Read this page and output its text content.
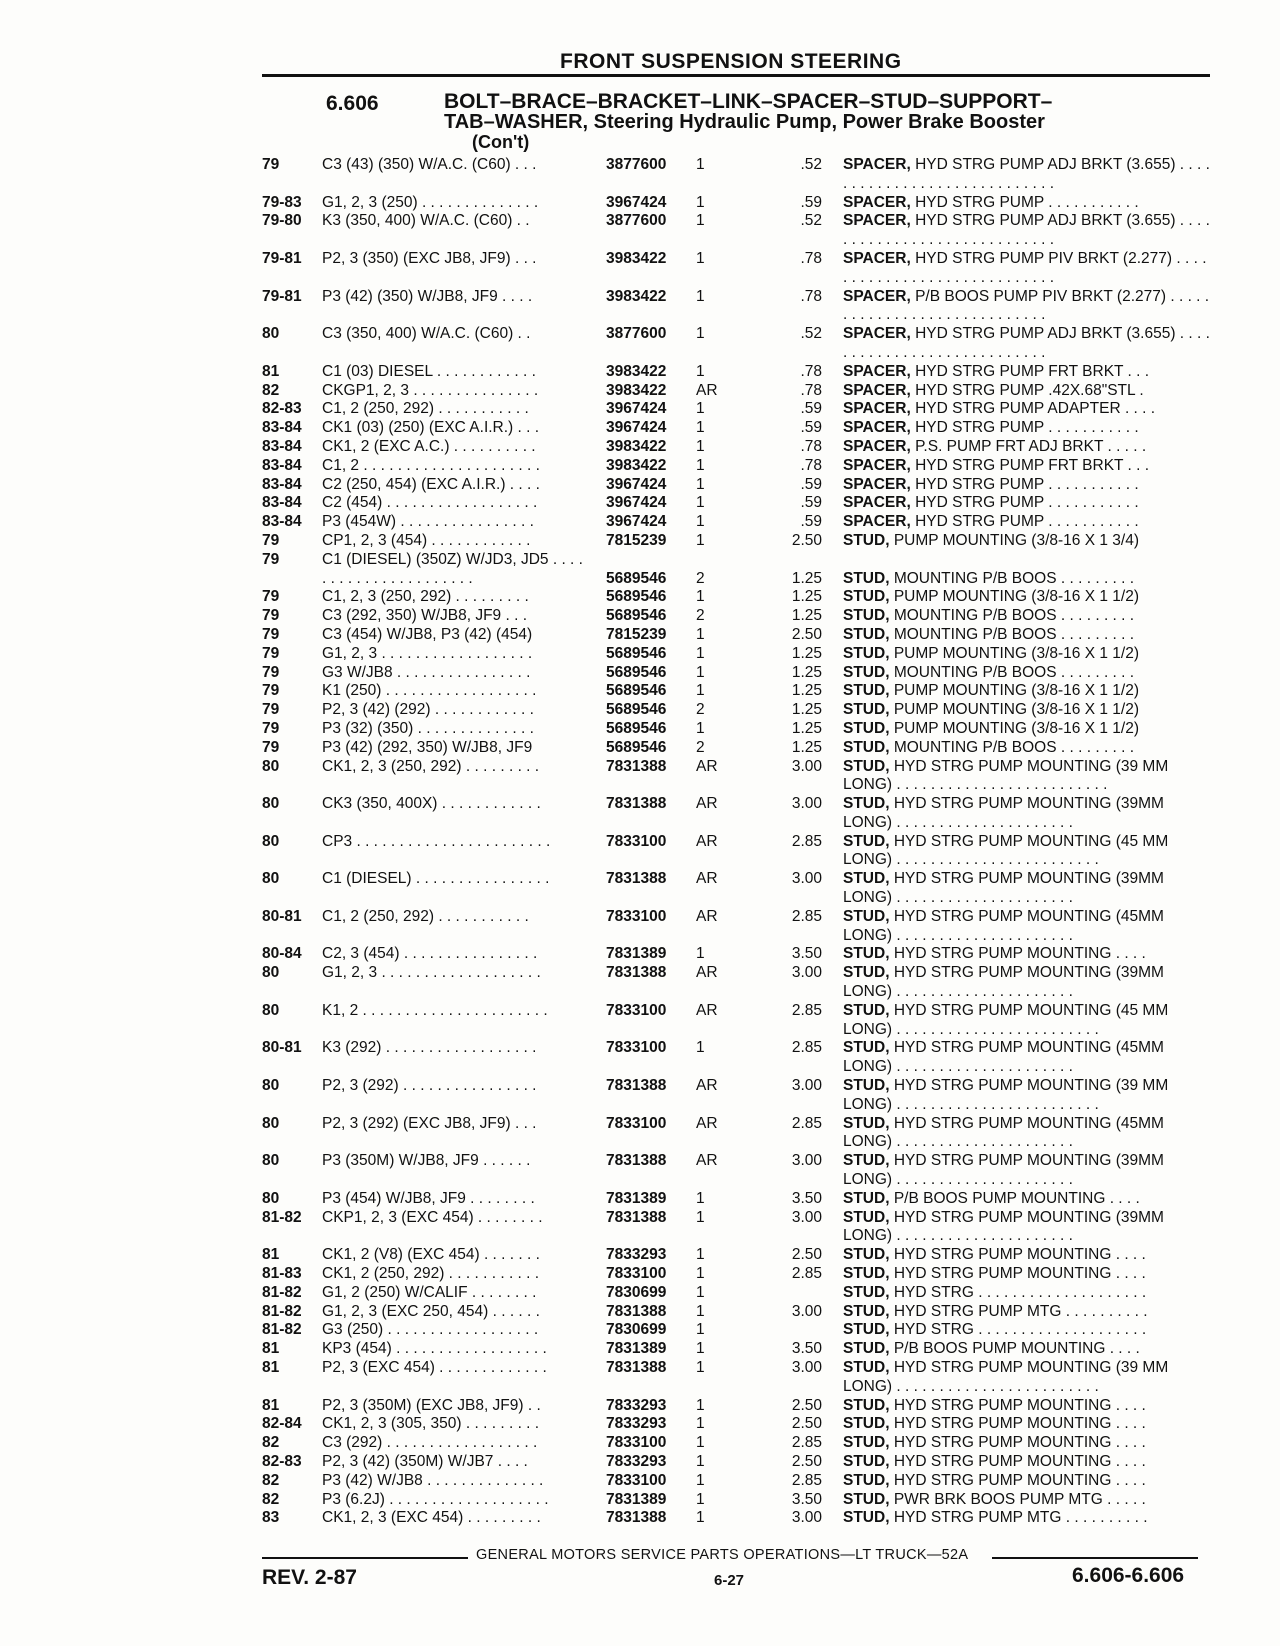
FRONT SUSPENSION STEERING
6.606	BOLT–BRACE–BRACKET–LINK–SPACER–STUD–SUPPORT–
TAB–WASHER, Steering Hydraulic Pump, Power Brake Booster
(Con't)
79	C3 (43) (350) W/A.C. (C60) . . .	3877600 1	.52 SPACER, HYD STRG PUMP ADJ BRKT (3.655) . . . . . . . . . . . . . . . . . . . . . . . . . . . . .
79-83 G1, 2, 3 (250) . . . . . . . . . . . . . .	3967424 1	.59 SPACER, HYD STRG PUMP . . . . . . . . . . .
79-80 K3 (350, 400) W/A.C. (C60) . .	3877600 1	.52 SPACER, HYD STRG PUMP ADJ BRKT (3.655) . . . . . . . . . . . . . . . . . . . . . . . . . . . . .
79-81 P2, 3 (350) (EXC JB8, JF9) . . .	3983422 1	.78 SPACER, HYD STRG PUMP PIV BRKT (2.277) . . . . . . . . . . . . . . . . . . . . . . . . . . . . .
79-81 P3 (42) (350) W/JB8, JF9 . . . .	3983422 1	.78 SPACER, P/B BOOS PUMP PIV BRKT (2.277) . . . . . . . . . . . . . . . . . . . . . . . . . . . . .
80	C3 (350, 400) W/A.C. (C60) . .	3877600 1	.52 SPACER, HYD STRG PUMP ADJ BRKT (3.655) . . . . . . . . . . . . . . . . . . . . . . . . . . . .
81	C1 (03) DIESEL . . . . . . . . . . . .	3983422 1	.78 SPACER, HYD STRG PUMP FRT BRKT . . .
82	CKGP1, 2, 3 . . . . . . . . . . . . . . .	3983422 AR	.78 SPACER, HYD STRG PUMP .42X.68"STL .
82-83 C1, 2 (250, 292) . . . . . . . . . . .	3967424 1	.59 SPACER, HYD STRG PUMP ADAPTER . . . .
83-84 CK1 (03) (250) (EXC A.I.R.) . . .	3967424 1	.59 SPACER, HYD STRG PUMP . . . . . . . . . . .
83-84 CK1, 2 (EXC A.C.) . . . . . . . . . .	3983422 1	.78 SPACER, P.S. PUMP FRT ADJ BRKT . . . . .
83-84 C1, 2 . . . . . . . . . . . . . . . . . . . . .	3983422 1	.78 SPACER, HYD STRG PUMP FRT BRKT . . .
83-84 C2 (250, 454) (EXC A.I.R.) . . . .	3967424 1	.59 SPACER, HYD STRG PUMP . . . . . . . . . . .
83-84 C2 (454) . . . . . . . . . . . . . . . . . .	3967424 1	.59 SPACER, HYD STRG PUMP . . . . . . . . . . .
83-84 P3 (454W) . . . . . . . . . . . . . . . .	3967424 1	.59 SPACER, HYD STRG PUMP . . . . . . . . . . .
79	CP1, 2, 3 (454) . . . . . . . . . . . .	7815239 1	2.50 STUD, PUMP MOUNTING (3/8-16 X 1 3/4)
79	C1 (DIESEL) (350Z) W/JD3, JD5 . . . . . . . . . . . . . . . . . . . . . .	5689546 2	1.25 STUD, MOUNTING P/B BOOS . . . . . . . . .
79	C1, 2, 3 (250, 292) . . . . . . . . .	5689546 1	1.25 STUD, PUMP MOUNTING (3/8-16 X 1 1/2)
79	C3 (292, 350) W/JB8, JF9 . . .	5689546 2	1.25 STUD, MOUNTING P/B BOOS . . . . . . . . .
79	C3 (454) W/JB8, P3 (42) (454)	7815239 1	2.50 STUD, MOUNTING P/B BOOS . . . . . . . . .
79	G1, 2, 3 . . . . . . . . . . . . . . . . . .	5689546 1	1.25 STUD, PUMP MOUNTING (3/8-16 X 1 1/2)
79	G3 W/JB8 . . . . . . . . . . . . . . . .	5689546 1	1.25 STUD, MOUNTING P/B BOOS . . . . . . . . .
79	K1 (250) . . . . . . . . . . . . . . . . . .	5689546 1	1.25 STUD, PUMP MOUNTING (3/8-16 X 1 1/2)
79	P2, 3 (42) (292) . . . . . . . . . . . .	5689546 2	1.25 STUD, PUMP MOUNTING (3/8-16 X 1 1/2)
79	P3 (32) (350) . . . . . . . . . . . . . .	5689546 1	1.25 STUD, PUMP MOUNTING (3/8-16 X 1 1/2)
79	P3 (42) (292, 350) W/JB8, JF9	5689546 2	1.25 STUD, MOUNTING P/B BOOS . . . . . . . . .
80	CK1, 2, 3 (250, 292) . . . . . . . . .	7831388 AR	3.00 STUD, HYD STRG PUMP MOUNTING (39 MM LONG) . . . . . . . . . . . . . . . . . . . . . . . . .
80	CK3 (350, 400X) . . . . . . . . . . . .	7831388 AR	3.00 STUD, HYD STRG PUMP MOUNTING (39MM LONG) . . . . . . . . . . . . . . . . . . . . .
80	CP3 . . . . . . . . . . . . . . . . . . . . . . .	7833100 AR	2.85 STUD, HYD STRG PUMP MOUNTING (45 MM LONG) . . . . . . . . . . . . . . . . . . . . . . . .
80	C1 (DIESEL) . . . . . . . . . . . . . . . .	7831388 AR	3.00 STUD, HYD STRG PUMP MOUNTING (39MM LONG) . . . . . . . . . . . . . . . . . . . . .
80-81 C1, 2 (250, 292) . . . . . . . . . . .	7833100 AR	2.85 STUD, HYD STRG PUMP MOUNTING (45MM LONG) . . . . . . . . . . . . . . . . . . . . .
80-84 C2, 3 (454) . . . . . . . . . . . . . . . .	7831389 1	3.50 STUD, HYD STRG PUMP MOUNTING . . . .
80	G1, 2, 3 . . . . . . . . . . . . . . . . . . .	7831388 AR	3.00 STUD, HYD STRG PUMP MOUNTING (39MM LONG) . . . . . . . . . . . . . . . . . . . . .
80	K1, 2 . . . . . . . . . . . . . . . . . . . . . .	7833100 AR	2.85 STUD, HYD STRG PUMP MOUNTING (45 MM LONG) . . . . . . . . . . . . . . . . . . . . . . . .
80-81 K3 (292) . . . . . . . . . . . . . . . . . .	7833100 1	2.85 STUD, HYD STRG PUMP MOUNTING (45MM LONG) . . . . . . . . . . . . . . . . . . . . .
80	P2, 3 (292) . . . . . . . . . . . . . . . .	7831388 AR	3.00 STUD, HYD STRG PUMP MOUNTING (39 MM LONG) . . . . . . . . . . . . . . . . . . . . . . . .
80	P2, 3 (292) (EXC JB8, JF9) . . .	7833100 AR	2.85 STUD, HYD STRG PUMP MOUNTING (45MM LONG) . . . . . . . . . . . . . . . . . . . . .
80	P3 (350M) W/JB8, JF9 . . . . . .	7831388 AR	3.00 STUD, HYD STRG PUMP MOUNTING (39MM LONG) . . . . . . . . . . . . . . . . . . . . .
80	P3 (454) W/JB8, JF9 . . . . . . . .	7831389 1	3.50 STUD, P/B BOOS PUMP MOUNTING . . . .
81-82 CKP1, 2, 3 (EXC 454) . . . . . . . .	7831388 1	3.00 STUD, HYD STRG PUMP MOUNTING (39MM LONG) . . . . . . . . . . . . . . . . . . . . .
81	CK1, 2 (V8) (EXC 454) . . . . . . .	7833293 1	2.50 STUD, HYD STRG PUMP MOUNTING . . . .
81-83 CK1, 2 (250, 292) . . . . . . . . . . .	7833100 1	2.85 STUD, HYD STRG PUMP MOUNTING . . . .
81-82 G1, 2 (250) W/CALIF . . . . . . . .	7830699 1	STUD, HYD STRG . . . . . . . . . . . . . . . . . . . .
81-82 G1, 2, 3 (EXC 250, 454) . . . . . .	7831388 1	3.00 STUD, HYD STRG PUMP MTG . . . . . . . . . .
81-82 G3 (250) . . . . . . . . . . . . . . . . . .	7830699 1	STUD, HYD STRG . . . . . . . . . . . . . . . . . . . .
81	KP3 (454) . . . . . . . . . . . . . . . . . .	7831389 1	3.50 STUD, P/B BOOS PUMP MOUNTING . . . .
81	P2, 3 (EXC 454) . . . . . . . . . . . . .	7831388 1	3.00 STUD, HYD STRG PUMP MOUNTING (39 MM LONG) . . . . . . . . . . . . . . . . . . . . . . . .
81	P2, 3 (350M) (EXC JB8, JF9) . .	7833293 1	2.50 STUD, HYD STRG PUMP MOUNTING . . . .
82-84 CK1, 2, 3 (305, 350) . . . . . . . . .	7833293 1	2.50 STUD, HYD STRG PUMP MOUNTING . . . .
82	C3 (292) . . . . . . . . . . . . . . . . . .	7833100 1	2.85 STUD, HYD STRG PUMP MOUNTING . . . .
82-83 P2, 3 (42) (350M) W/JB7 . . . .	7833293 1	2.50 STUD, HYD STRG PUMP MOUNTING . . . .
82	P3 (42) W/JB8 . . . . . . . . . . . . . .	7833100 1	2.85 STUD, HYD STRG PUMP MOUNTING . . . .
82	P3 (6.2J) . . . . . . . . . . . . . . . . . . .	7831389 1	3.50 STUD, PWR BRK BOOS PUMP MTG . . . . .
83	CK1, 2, 3 (EXC 454) . . . . . . . . .	7831388 1	3.00 STUD, HYD STRG PUMP MTG . . . . . . . . . .
GENERAL MOTORS SERVICE PARTS OPERATIONS—LT TRUCK—52A
REV. 2-87	6-27	6.606-6.606
